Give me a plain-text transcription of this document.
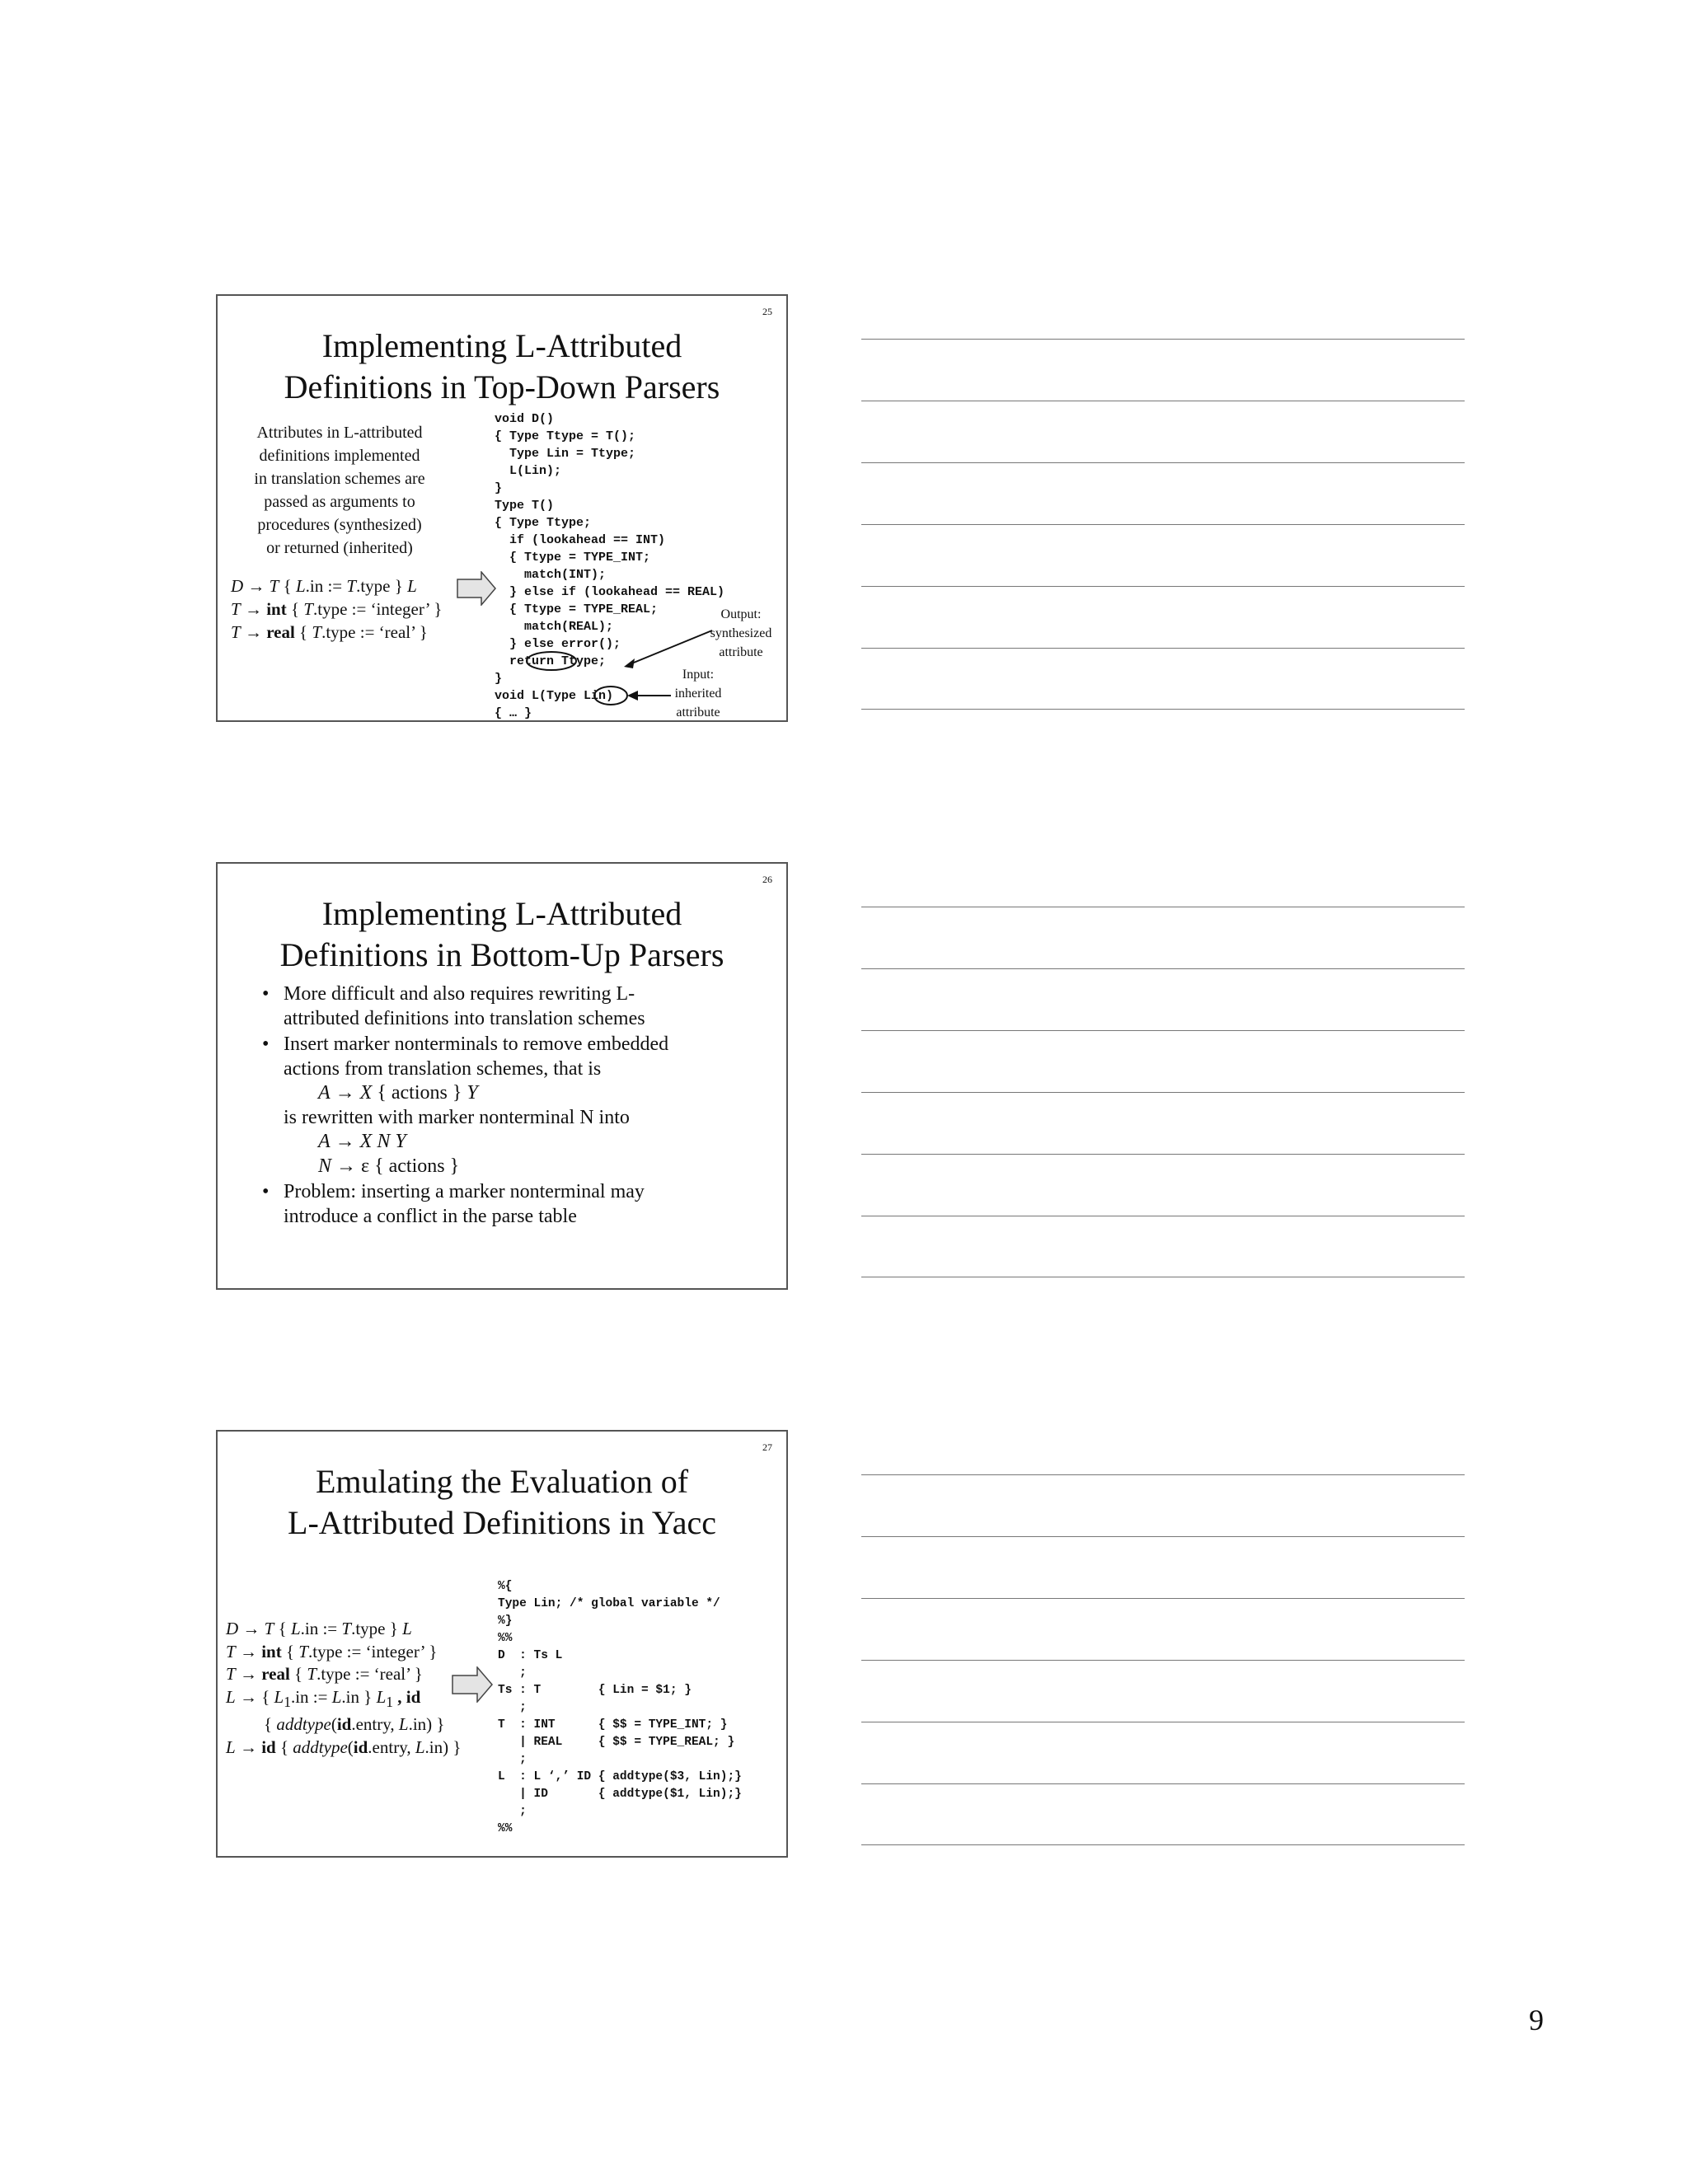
25
Implementing L-Attributed
Definitions in Top-Down Parsers
Attributes in L-attributed
definitions implemented
in translation schemes are
passed as arguments to
procedures (synthesized)
or returned (inherited)
D → T { L.in := T.type } L
T → int { T.type := ‘integer’ }
T → real { T.type := ‘real’ }
void D()
{ Type Ttype = T();
Type Lin = Ttype;
L(Lin);
}
Type T()
{ Type Ttype;
if (lookahead == INT)
{ Ttype = TYPE_INT;
match(INT);
} else if (lookahead == REAL)
{ Ttype = TYPE_REAL;
match(REAL);
} else error();
return Ttype;
}
void L(Type Lin)
{ … }
Output:
synthesized
attribute
Input:
inherited
attribute
26
Implementing L-Attributed
Definitions in Bottom-Up Parsers
• More difficult and also requires rewriting L-
attributed definitions into translation schemes
• Insert marker nonterminals to remove embedded
actions from translation schemes, that is
A → X { actions } Y
is rewritten with marker nonterminal N into
A → X N Y
N → ε { actions }
• Problem: inserting a marker nonterminal may
introduce a conflict in the parse table
27
Emulating the Evaluation of
L-Attributed Definitions in Yacc
D → T { L.in := T.type } L
T → int { T.type := ‘integer’ }
T → real { T.type := ‘real’ }
L → { $L_1.in$ := L.in } $L_1$ , id
{ addtype(id.entry, L.in) }
L → id { addtype(id.entry, L.in) }
%{
Type Lin; /* global variable */
%}
%%
D  : Ts L
;
Ts : T        { Lin = $1; }
;
T  : INT      { $$ = TYPE_INT; }
| REAL     { $$ = TYPE_REAL; }
;
L  : L ‘,’ ID { addtype($3, Lin);}
| ID       { addtype($1, Lin);}
;
%%
9
